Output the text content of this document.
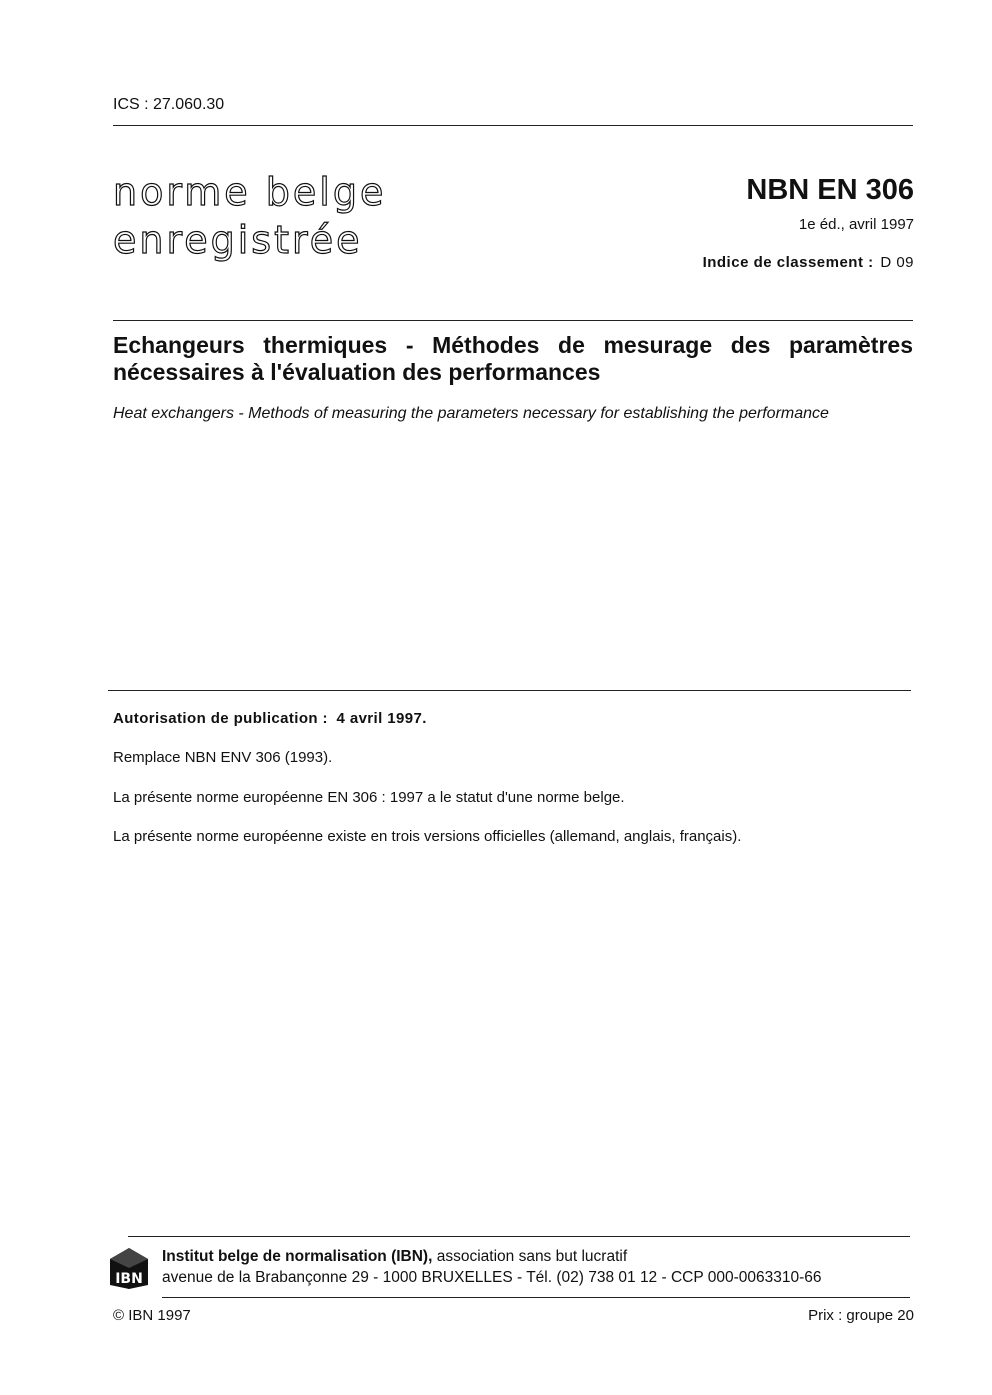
ICS : 27.060.30
norme belge
enregistrée
NBN EN 306
1e éd., avril 1997
Indice de classement : D 09
Echangeurs thermiques - Méthodes de mesurage des paramètres nécessaires à l'évaluation des performances
Heat exchangers - Methods of measuring the parameters necessary for establishing the performance
Autorisation de publication : 4 avril 1997.
Remplace NBN ENV 306 (1993).
La présente norme européenne EN 306 : 1997 a le statut d'une norme belge.
La présente norme européenne existe en trois versions officielles (allemand, anglais, français).
IBN
Institut belge de normalisation (IBN), association sans but lucratif
avenue de la Brabançonne 29 - 1000 BRUXELLES - Tél. (02) 738 01 12 - CCP 000-0063310-66
© IBN 1997	Prix : groupe 20
